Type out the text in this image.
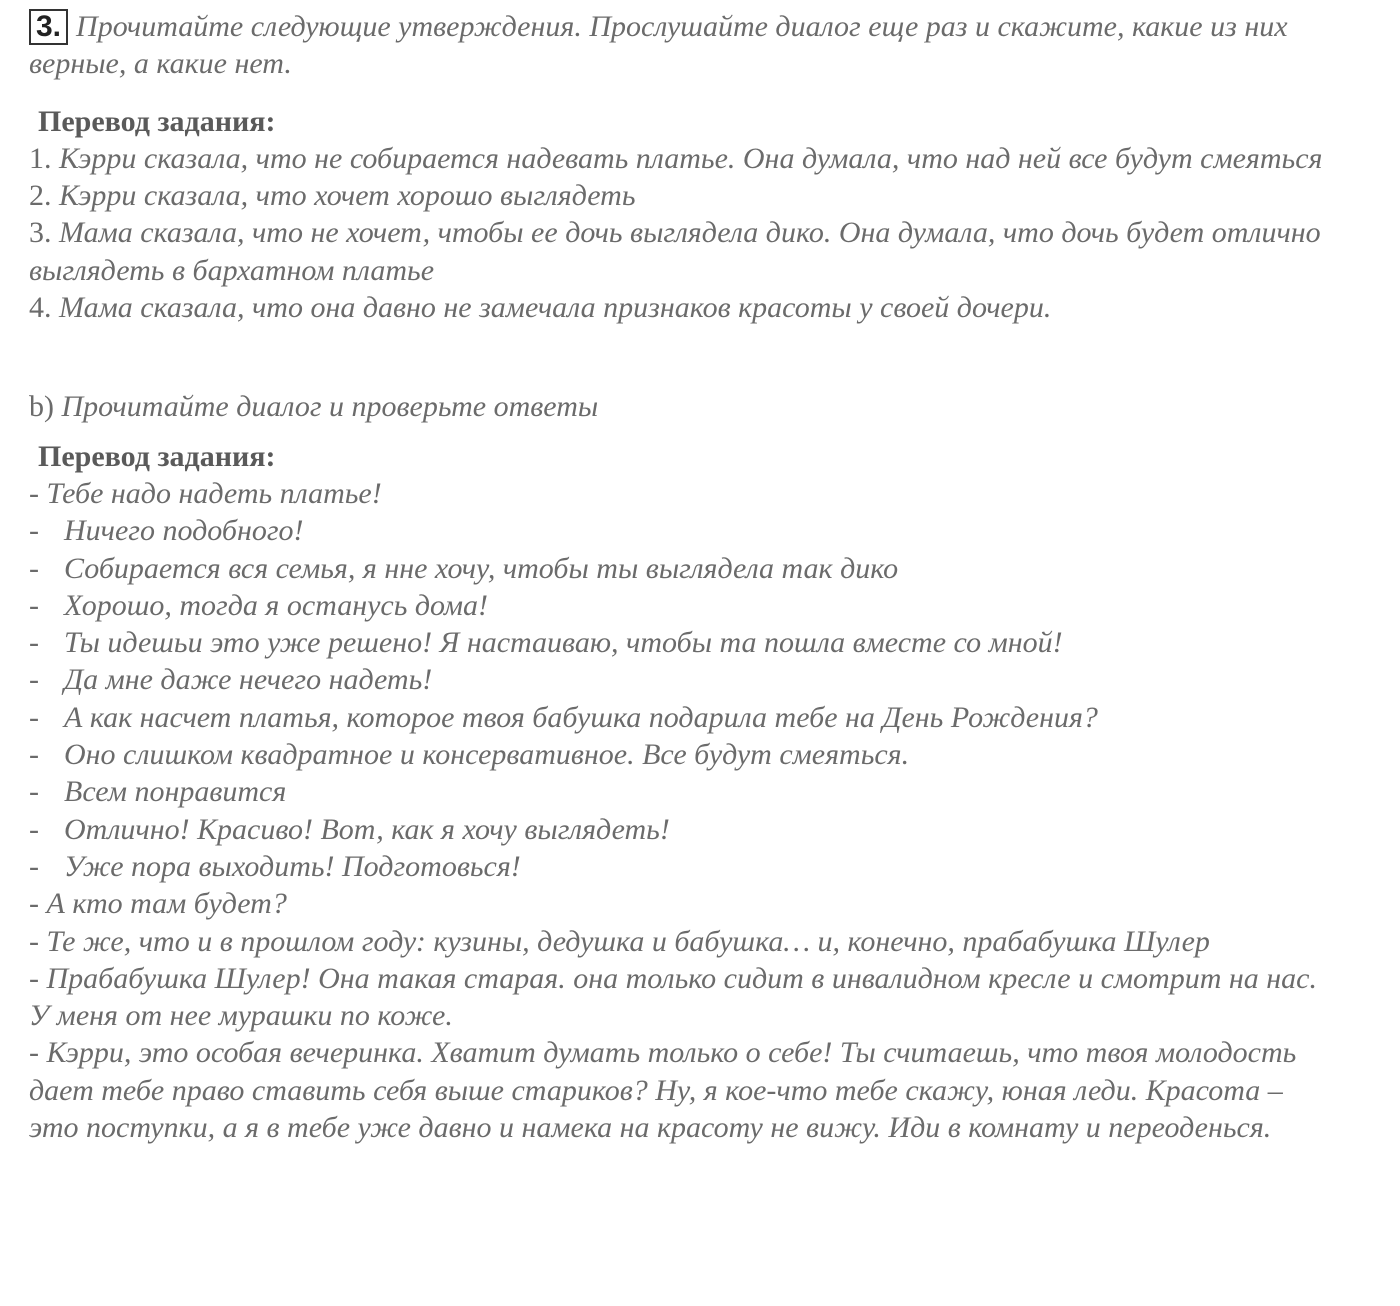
3. Прочитайте следующие утверждения. Прослушайте диалог еще раз и скажите, какие из них верные, а какие нет.
Перевод задания:
1. Кэрри сказала, что не собирается надевать платье. Она думала, что над ней все будут смеяться
2. Кэрри сказала, что хочет хорошо выглядеть
3. Мама сказала, что не хочет, чтобы ее дочь выглядела дико. Она думала, что дочь будет отлично выглядеть в бархатном платье
4. Мама сказала, что она давно не замечала признаков красоты у своей дочери.
b) Прочитайте диалог и проверьте ответы
Перевод задания:
- Тебе надо надеть платье!
- Ничего подобного!
- Собирается вся семья, я нне хочу, чтобы ты выглядела так дико
- Хорошо, тогда я останусь дома!
- Ты идешьи это уже решено! Я настаиваю, чтобы та пошла вместе со мной!
- Да мне даже нечего надеть!
- А как насчет платья, которое твоя бабушка подарила тебе на День Рождения?
- Оно слишком квадратное и консервативное. Все будут смеяться.
- Всем понравится
- Отлично! Красиво! Вот, как я хочу выглядеть!
- Уже пора выходить! Подготовься!
- А кто там будет?
- Те же, что и в прошлом году: кузины, дедушка и бабушка… и, конечно, прабабушка Шулер
- Прабабушка Шулер! Она такая старая. она только сидит в инвалидном кресле и смотрит на нас. У меня от нее мурашки по коже.
- Кэрри, это особая вечеринка. Хватит думать только о себе! Ты считаешь, что твоя молодость дает тебе право ставить себя выше стариков? Ну, я кое-что тебе скажу, юная леди. Красота – это поступки, а я в тебе уже давно и намека на красоту не вижу. Иди в комнату и переоденься.
